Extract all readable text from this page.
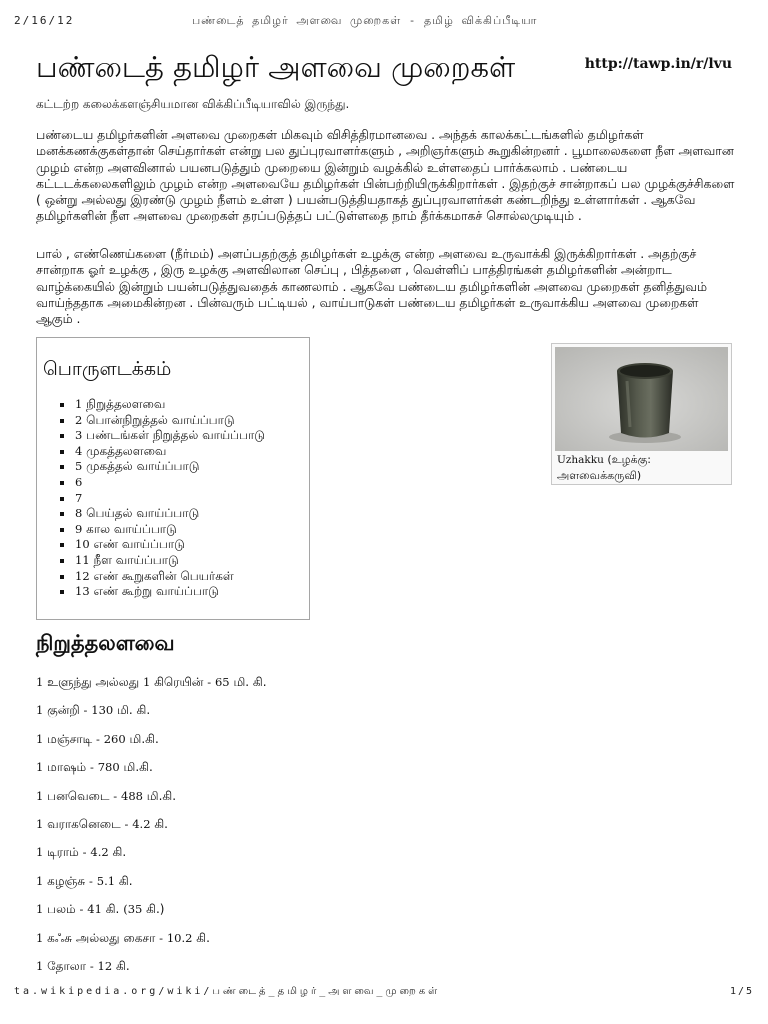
2/16/12	பண்டைத் தமிழர் அளவை முறைகள் - தமிழ் விக்கிப்பீடியா
பண்டைத் தமிழர் அளவை முறைகள்	http://tawp.in/r/lvu
கட்டற்ற கலைக்களஞ்சியமான விக்கிப்பீடியாவில் இருந்து.

பண்டைய தமிழர்களின் அளவை முறைகள் மிகவும் விசித்திரமானவை . அந்தக் காலக்கட்டங்களில் தமிழர்கள் மனக்கணக்குகள்தான் செய்தார்கள் என்று பல துப்புரவாளர்களும் , அறிஞர்களும் கூறுகின்றனர் . பூமாலைகளை நீள அளவான முழம் என்ற அளவினால் பயனபடுத்தும் முறையை இன்றும் வழக்கில் உள்ளதைப் பார்க்கலாம் . பண்டைய கட்டடக்கலைகளிலும் முழம் என்ற அளவையே தமிழர்கள் பின்பற்றியிருக்கிறார்கள் . இதற்குச் சான்றாகப் பல முழக்குச்சிகளை ( ஒன்று அல்லது இரண்டு முழம் நீளம் உள்ள ) பயன்படுத்தியதாகத் துப்புரவாளர்கள் கண்டறிந்து உள்ளார்கள் . ஆகவே தமிழர்களின் நீள அளவை முறைகள் தரப்படுத்தப் பட்டுள்ளதை நாம் தீர்க்கமாகச் சொல்லமுடியும் .

பால் , எண்ணெய்களை (நீர்மம்) அளப்பதற்குத் தமிழர்கள் உழக்கு என்ற அளவை உருவாக்கி இருக்கிறார்கள் . அதற்குச் சான்றாக ஓர் உழக்கு , இரு உழக்கு அளவிலான செப்பு , பித்தளை , வெள்ளிப் பாத்திரங்கள் தமிழர்களின் அன்றாட வாழ்க்கையில் இன்றும் பயன்படுத்துவதைக் காணலாம் . ஆகவே பண்டைய தமிழர்களின் அளவை முறைகள் தனித்துவம் வாய்ந்ததாக அமைகின்றன . பின்வரும் பட்டியல் , வாய்பாடுகள் பண்டைய தமிழர்கள் உருவாக்கிய அளவை முறைகள் ஆகும் .

பொருளடக்கம்
1 நிறுத்தலளவை
2 பொன்நிறுத்தல் வாய்ப்பாடு
3 பண்டங்கள் நிறுத்தல் வாய்ப்பாடு
4 முகத்தலளவை
5 முகத்தல் வாய்ப்பாடு
6
7
8 பெய்தல் வாய்ப்பாடு
9 கால வாய்ப்பாடு
10 எண் வாய்ப்பாடு
11 நீள வாய்ப்பாடு
12 எண் கூறுகளின் பெயர்கள்
13 எண் கூற்று வாய்ப்பாடு
Uzhakku (உழக்கு: அளவைக்கருவி)
நிறுத்தலளவை
1 உளுந்து அல்லது 1 கிரெயின் - 65 மி. கி.
1 குன்றி - 130 மி. கி.
1 மஞ்சாடி - 260 மி.கி.
1 மாஷம் - 780 மி.கி.
1 பனவெடை - 488 மி.கி.
1 வராகனெடை - 4.2 கி.
1 டிராம் - 4.2 கி.
1 கழஞ்சு - 5.1 கி.
1 பலம் - 41 கி. (35 கி.)
1 கஃசு அல்லது கைசா - 10.2 கி.
1 தோலா - 12 கி.
ta.wikipedia.org/wiki/பண்டைத்_தமிழர்_அளவை_முறைகள்	1/5
